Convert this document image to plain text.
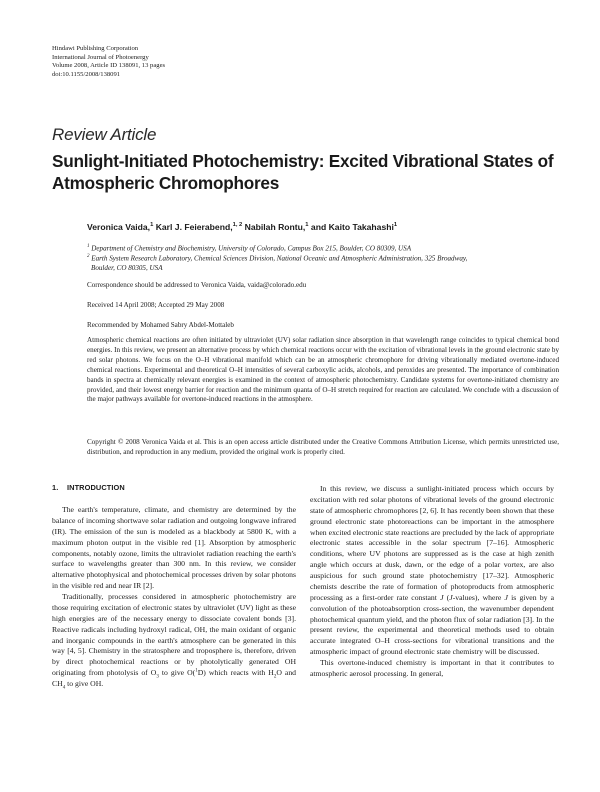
Hindawi Publishing Corporation
International Journal of Photoenergy
Volume 2008, Article ID 138091, 13 pages
doi:10.1155/2008/138091
Review Article
Sunlight-Initiated Photochemistry: Excited Vibrational States of Atmospheric Chromophores
Veronica Vaida,$^1$ Karl J. Feierabend,$^{1, 2}$ Nabilah Rontu,$^1$ and Kaito Takahashi$^1$
$^1$ Department of Chemistry and Biochemistry, University of Colorado, Campus Box 215, Boulder, CO 80309, USA
$^2$ Earth System Research Laboratory, Chemical Sciences Division, National Oceanic and Atmospheric Administration, 325 Broadway,
Boulder, CO 80305, USA
Correspondence should be addressed to Veronica Vaida, vaida@colorado.edu
Received 14 April 2008; Accepted 29 May 2008
Recommended by Mohamed Sabry Abdel-Mottaleb
Atmospheric chemical reactions are often initiated by ultraviolet (UV) solar radiation since absorption in that wavelength range coincides to typical chemical bond energies. In this review, we present an alternative process by which chemical reactions occur with the excitation of vibrational levels in the ground electronic state by red solar photons. We focus on the O–H vibrational manifold which can be an atmospheric chromophore for driving vibrationally mediated overtone-induced chemical reactions. Experimental and theoretical O–H intensities of several carboxylic acids, alcohols, and peroxides are presented. The importance of combination bands in spectra at chemically relevant energies is examined in the context of atmospheric photochemistry. Candidate systems for overtone-initiated chemistry are provided, and their lowest energy barrier for reaction and the minimum quanta of O–H stretch required for reaction are calculated. We conclude with a discussion of the major pathways available for overtone-induced reactions in the atmosphere.
Copyright © 2008 Veronica Vaida et al. This is an open access article distributed under the Creative Commons Attribution License, which permits unrestricted use, distribution, and reproduction in any medium, provided the original work is properly cited.
1.    INTRODUCTION

The earth's temperature, climate, and chemistry are determined by the balance of incoming shortwave solar radiation and outgoing longwave infrared (IR). The emission of the sun is modeled as a blackbody at 5800 K, with a maximum photon output in the visible red [1]. Absorption by atmospheric components, notably ozone, limits the ultraviolet radiation reaching the earth's surface to wavelengths greater than 300 nm. In this review, we consider alternative photophysical and photochemical processes driven by solar photons in the visible red and near IR [2].

Traditionally, processes considered in atmospheric photochemistry are those requiring excitation of electronic states by ultraviolet (UV) light as these high energies are of the necessary energy to dissociate covalent bonds [3]. Reactive radicals including hydroxyl radical, OH, the main oxidant of organic and inorganic compounds in the earth's atmosphere can be generated in this way [4, 5]. Chemistry in the stratosphere and troposphere is, therefore, driven by direct photochemical reactions or by photolytically generated OH originating from photolysis of $O_3$ to give O($^1$D) which reacts with $H_2O$ and $CH_4$ to give OH.

In this review, we discuss a sunlight-initiated process which occurs by excitation with red solar photons of vibrational levels of the ground electronic state of atmospheric chromophores [2, 6]. It has recently been shown that these ground electronic state photoreactions can be important in the atmosphere when excited electronic state reactions are precluded by the lack of appropriate electronic states accessible in the solar spectrum [7–16]. Atmospheric conditions, where UV photons are suppressed as is the case at high zenith angle which occurs at dusk, dawn, or the edge of a polar vortex, are also auspicious for such ground state photochemistry [17–32]. Atmospheric chemists describe the rate of formation of photoproducts from atmospheric processing as a first-order rate constant J (J-values), where J is given by a convolution of the photoabsorption cross-section, the wavenumber dependent photochemical quantum yield, and the photon flux of solar radiation [3]. In the present review, the experimental and theoretical methods used to obtain accurate integrated O–H cross-sections for vibrational transitions and the atmospheric impact of ground electronic state chemistry will be discussed.

This overtone-induced chemistry is important in that it contributes to atmospheric aerosol processing. In general,
